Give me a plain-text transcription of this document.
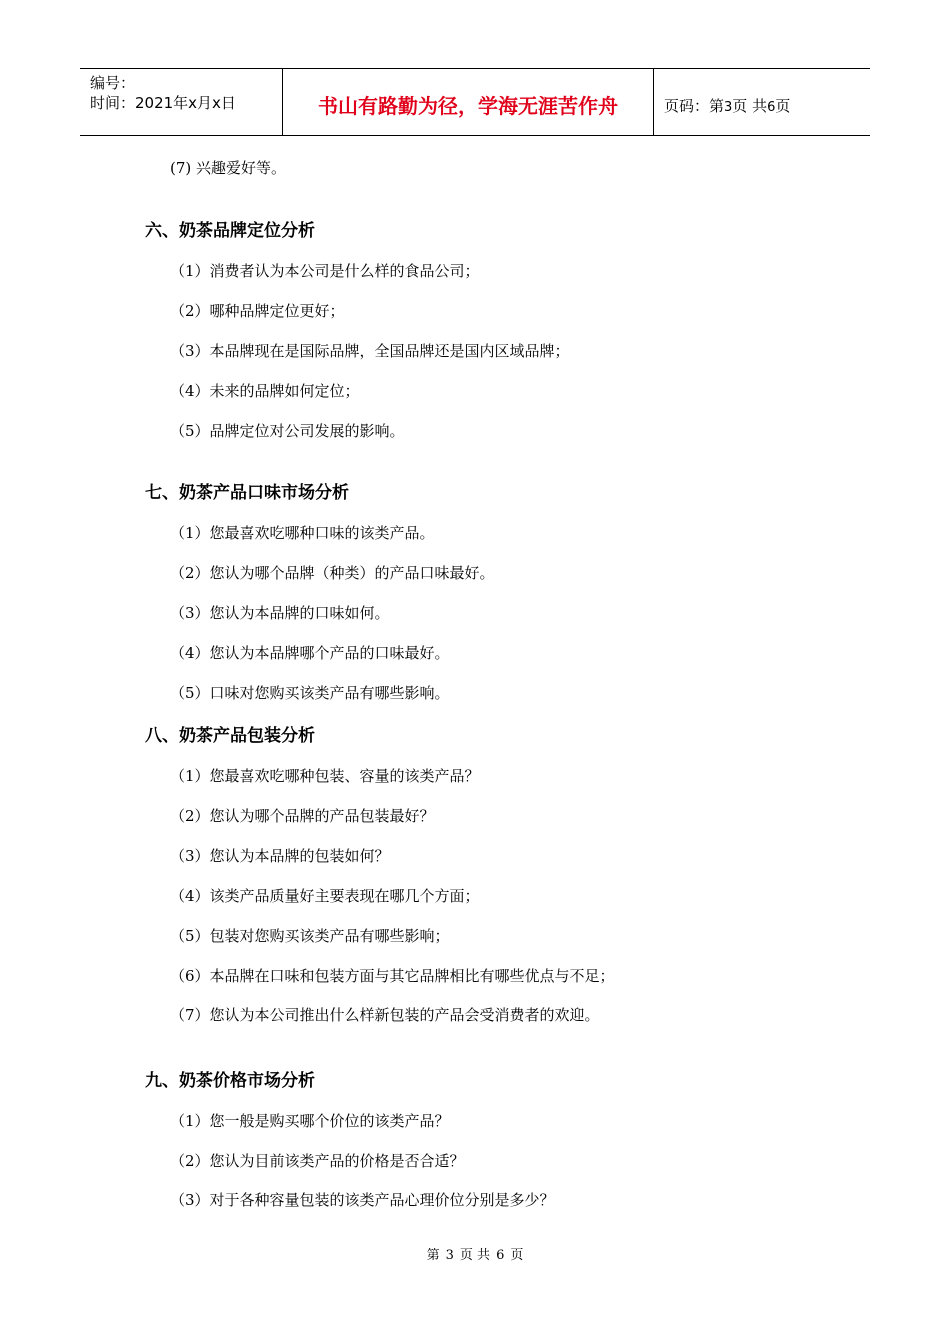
编号：
时间：2021年x月x日	书山有路勤为径，学海无涯苦作舟	页码：第3页 共6页
(7) 兴趣爱好等。
六、奶茶品牌定位分析
（1）消费者认为本公司是什么样的食品公司；
（2）哪种品牌定位更好；
（3）本品牌现在是国际品牌，全国品牌还是国内区域品牌；
（4）未来的品牌如何定位；
（5）品牌定位对公司发展的影响。
七、奶茶产品口味市场分析
（1）您最喜欢吃哪种口味的该类产品。
（2）您认为哪个品牌（种类）的产品口味最好。
（3）您认为本品牌的口味如何。
（4）您认为本品牌哪个产品的口味最好。
（5）口味对您购买该类产品有哪些影响。
八、奶茶产品包装分析
（1）您最喜欢吃哪种包装、容量的该类产品？
（2）您认为哪个品牌的产品包装最好？
（3）您认为本品牌的包装如何？
（4）该类产品质量好主要表现在哪几个方面；
（5）包装对您购买该类产品有哪些影响；
（6）本品牌在口味和包装方面与其它品牌相比有哪些优点与不足；
（7）您认为本公司推出什么样新包装的产品会受消费者的欢迎。
九、奶茶价格市场分析
（1）您一般是购买哪个价位的该类产品？
（2）您认为目前该类产品的价格是否合适？
（3）对于各种容量包装的该类产品心理价位分别是多少？
第 3 页 共 6 页
